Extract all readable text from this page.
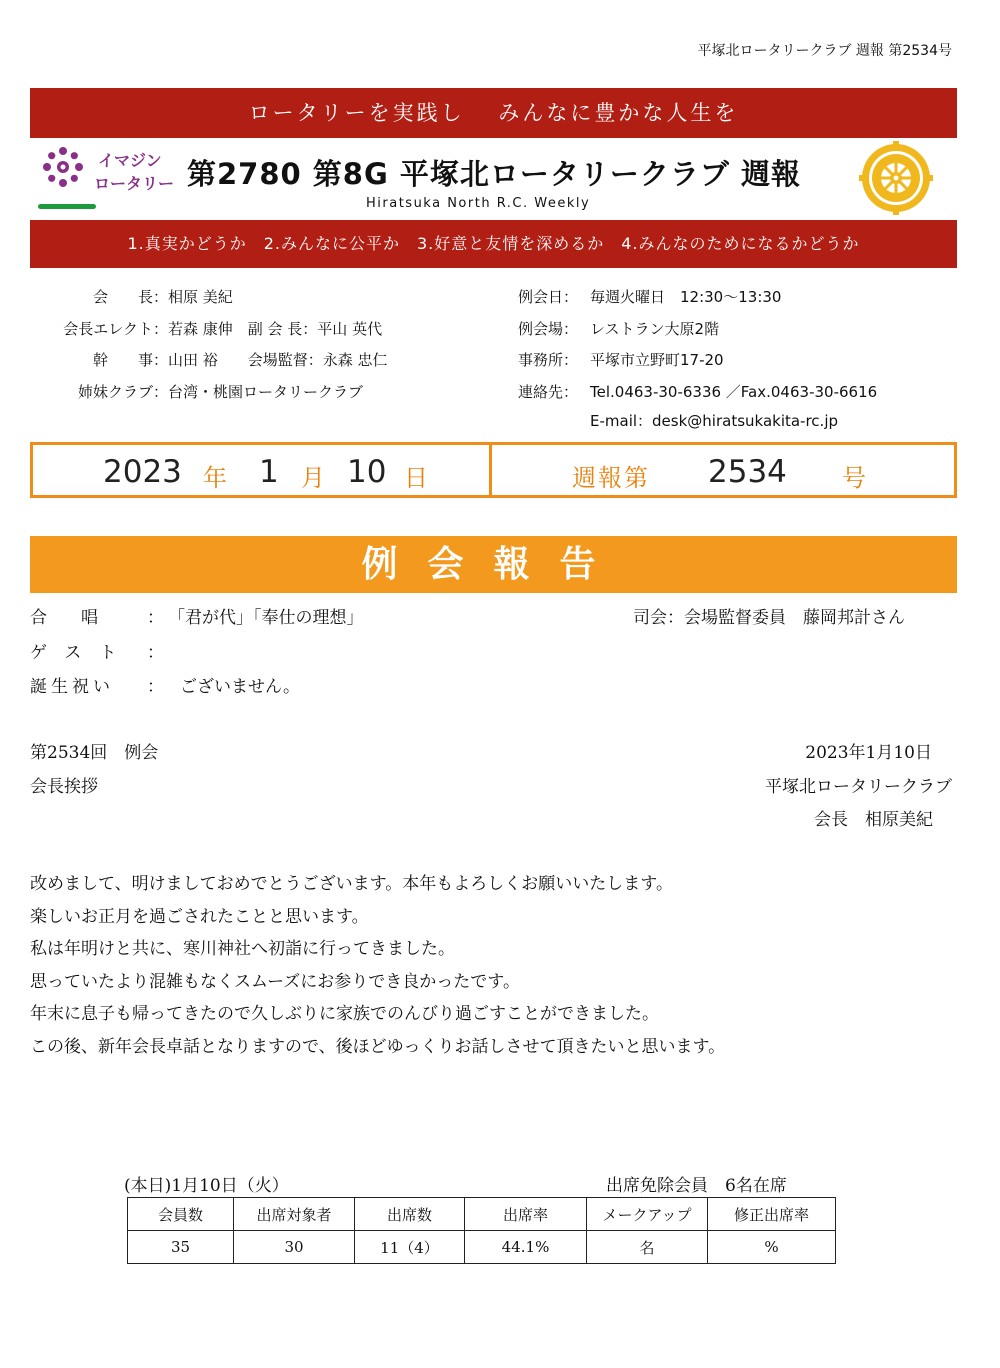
平塚北ロータリークラブ 週報 第2534号
ロータリーを実践し　 みんなに豊かな人生を
イマジン
ロータリー 第2780 第8G 平塚北ロータリークラブ 週報
Hiratsuka North R.C. Weekly
1.真実かどうか　2.みんなに公平か　3.好意と友情を深めるか　4.みんなのためになるかどうか
会　　長：相原 美紀
会長エレクト：若森 康伸　副 会 長：平山 英代
幹　　事：山田 裕　　会場監督：永森 忠仁
姉妹クラブ：台湾・桃園ロータリークラブ
例会日： 毎週火曜日　12:30〜13:30
例会場： レストラン大原2階
事務所： 平塚市立野町17-20
連絡先： Tel.0463-30-6336 ／Fax.0463-30-6616
E-mail：desk@hiratsukakita-rc.jp
2023 年 1 月 10 日	週報第 2534 号
例会報告
合　　唱	： 「君が代」「奉仕の理想」	司会：会場監督委員　藤岡邦計さん
ゲスト ：
誕生祝い ： ございません。
第2534回　例会
会長挨拶
2023年1月10日
平塚北ロータリークラブ
会長　相原美紀
改めまして、明けましておめでとうございます。本年もよろしくお願いいたします。
楽しいお正月を過ごされたことと思います。
私は年明けと共に、寒川神社へ初詣に行ってきました。
思っていたより混雑もなくスムーズにお参りでき良かったです。
年末に息子も帰ってきたので久しぶりに家族でのんびり過ごすことができました。
この後、新年会長卓話となりますので、後ほどゆっくりお話しさせて頂きたいと思います。
(本日)1月10日（火）	出席免除会員　6名在席
会員数	出席対象者	出席数	出席率	メークアップ	修正出席率
35	30	11（4）	44.1%	名	%
